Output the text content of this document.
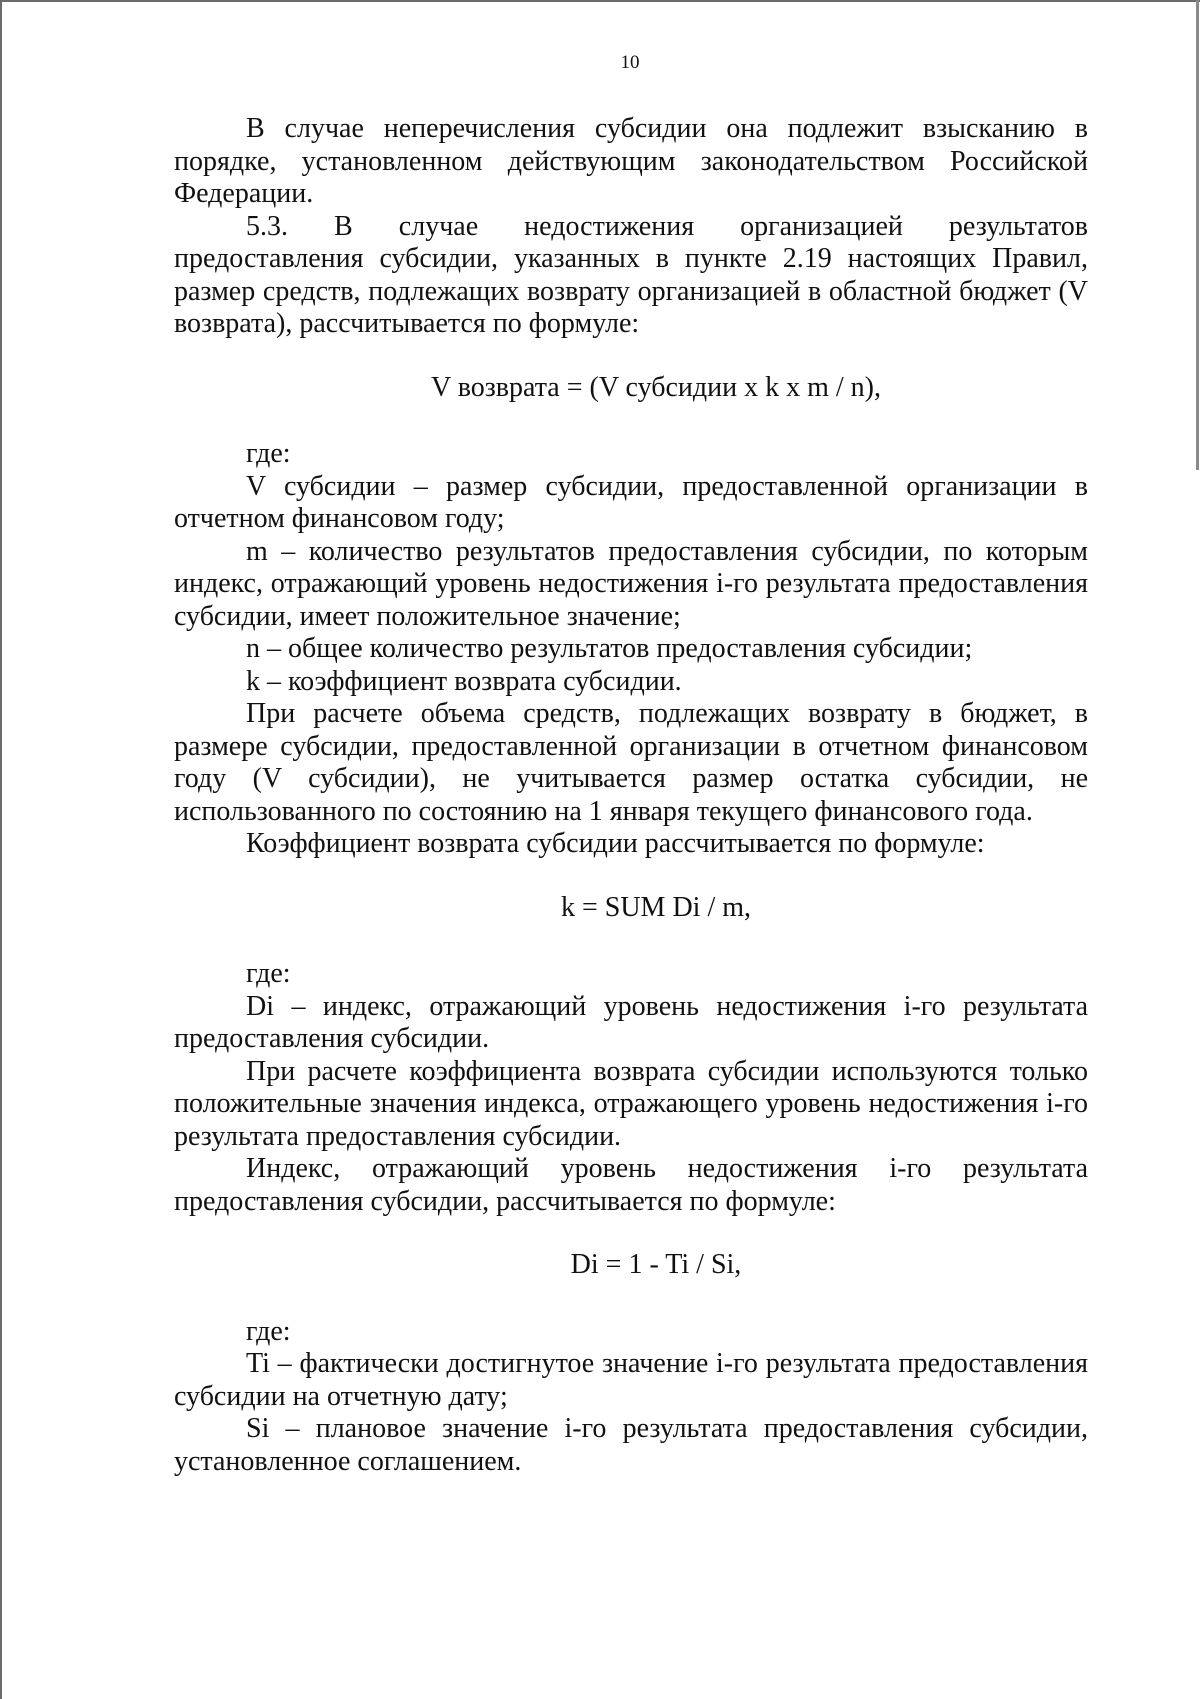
10

В случае неперечисления субсидии она подлежит взысканию в порядке, установленном действующим законодательством Российской Федерации.

5.3. В случае недостижения организацией результатов предоставления субсидии, указанных в пункте 2.19 настоящих Правил, размер средств, подлежащих возврату организацией в областной бюджет (V возврата), рассчитывается по формуле:

V возврата = (V субсидии x k x m / n),

где:

V субсидии – размер субсидии, предоставленной организации в отчетном финансовом году;

m – количество результатов предоставления субсидии, по которым индекс, отражающий уровень недостижения i-го результата предоставления субсидии, имеет положительное значение;

n – общее количество результатов предоставления субсидии;

k – коэффициент возврата субсидии.

При расчете объема средств, подлежащих возврату в бюджет, в размере субсидии, предоставленной организации в отчетном финансовом году (V субсидии), не учитывается размер остатка субсидии, не использованного по состоянию на 1 января текущего финансового года.

Коэффициент возврата субсидии рассчитывается по формуле:

k = SUM Di / m,

где:

Di – индекс, отражающий уровень недостижения i-го результата предоставления субсидии.

При расчете коэффициента возврата субсидии используются только положительные значения индекса, отражающего уровень недостижения i-го результата предоставления субсидии.

Индекс, отражающий уровень недостижения i-го результата предоставления субсидии, рассчитывается по формуле:

Di = 1 - Ti / Si,

где:

Ti – фактически достигнутое значение i-го результата предоставления субсидии на отчетную дату;

Si – плановое значение i-го результата предоставления субсидии, установленное соглашением.
